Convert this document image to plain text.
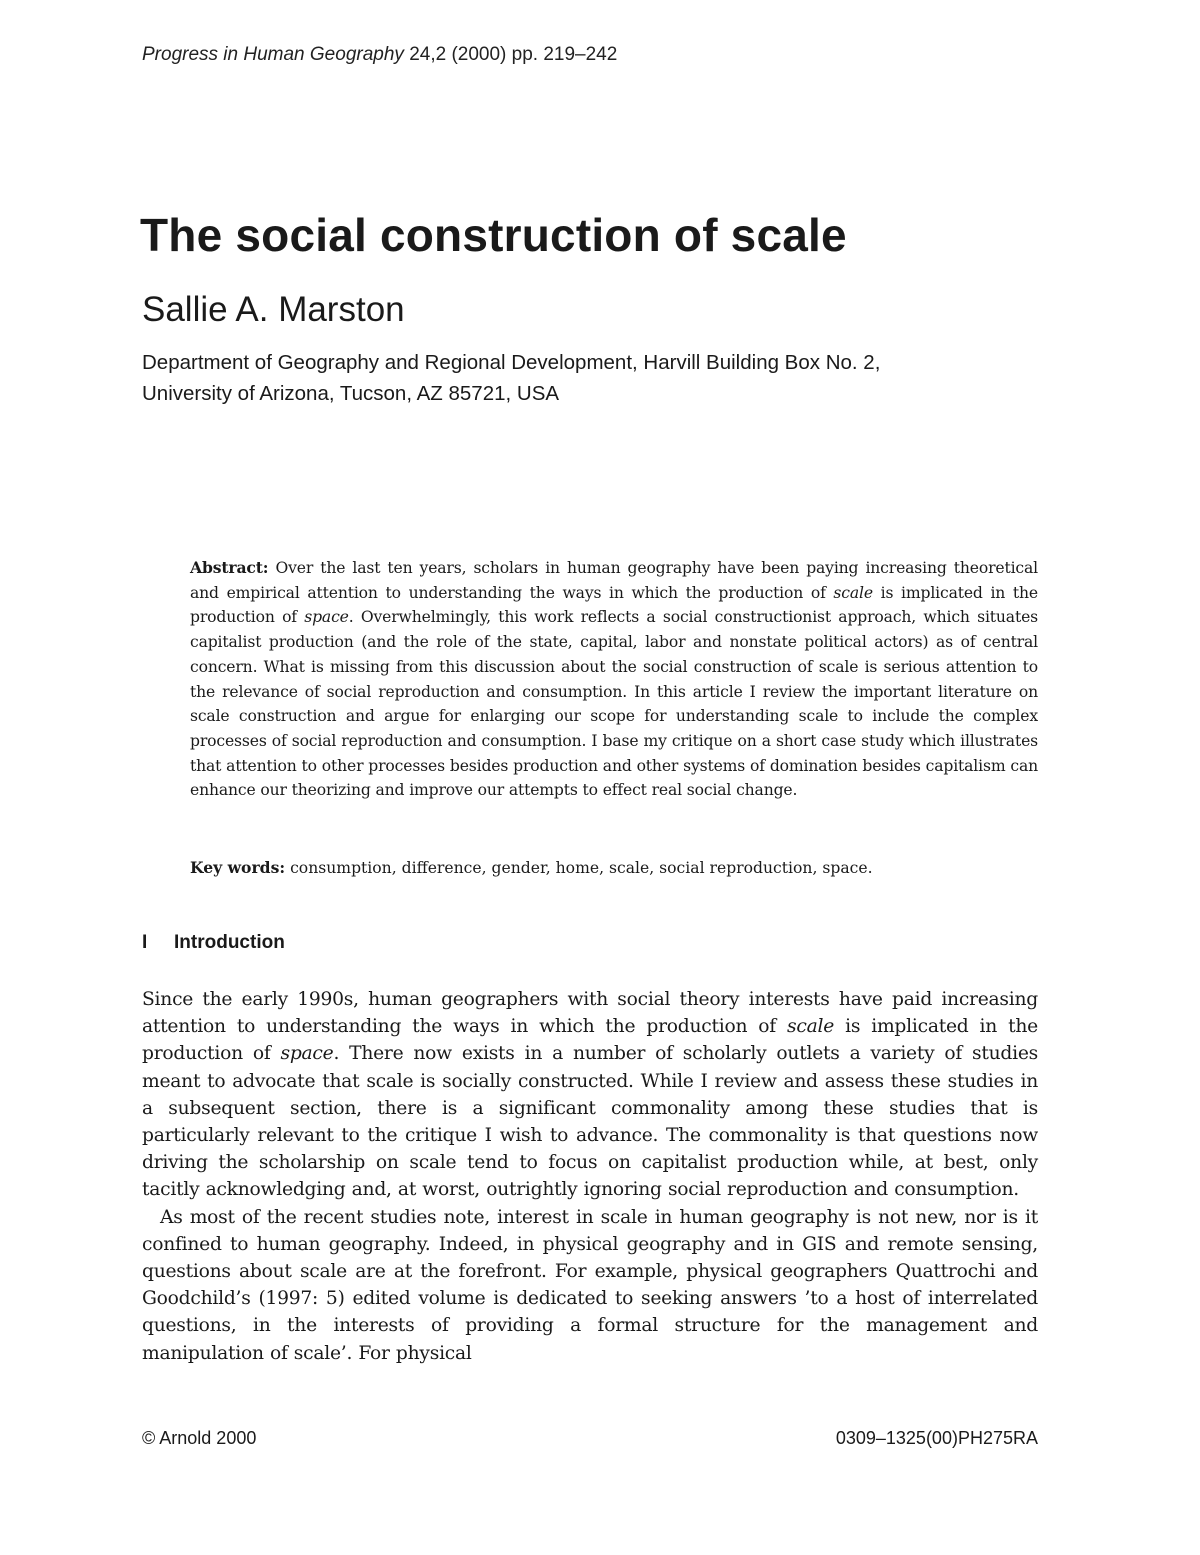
Progress in Human Geography 24,2 (2000) pp. 219–242
The social construction of scale
Sallie A. Marston
Department of Geography and Regional Development, Harvill Building Box No. 2,
University of Arizona, Tucson, AZ 85721, USA
Abstract: Over the last ten years, scholars in human geography have been paying increasing theoretical and empirical attention to understanding the ways in which the production of scale is implicated in the production of space. Overwhelmingly, this work reflects a social constructionist approach, which situates capitalist production (and the role of the state, capital, labor and nonstate political actors) as of central concern. What is missing from this discussion about the social construction of scale is serious attention to the relevance of social reproduction and consumption. In this article I review the important literature on scale construction and argue for enlarging our scope for understanding scale to include the complex processes of social reproduction and consumption. I base my critique on a short case study which illustrates that attention to other processes besides production and other systems of domination besides capitalism can enhance our theorizing and improve our attempts to effect real social change.
Key words: consumption, difference, gender, home, scale, social reproduction, space.
I Introduction

Since the early 1990s, human geographers with social theory interests have paid increasing attention to understanding the ways in which the production of scale is implicated in the production of space. There now exists in a number of scholarly outlets a variety of studies meant to advocate that scale is socially constructed. While I review and assess these studies in a subsequent section, there is a significant commonality among these studies that is particularly relevant to the critique I wish to advance. The commonality is that questions now driving the scholarship on scale tend to focus on capitalist production while, at best, only tacitly acknowledging and, at worst, outrightly ignoring social reproduction and consumption.

As most of the recent studies note, interest in scale in human geography is not new, nor is it confined to human geography. Indeed, in physical geography and in GIS and remote sensing, questions about scale are at the forefront. For example, physical geographers Quattrochi and Goodchild’s (1997: 5) edited volume is dedicated to seeking answers ’to a host of interrelated questions, in the interests of providing a formal structure for the management and manipulation of scale’. For physical

© Arnold 2000	0309–1325(00)PH275RA
